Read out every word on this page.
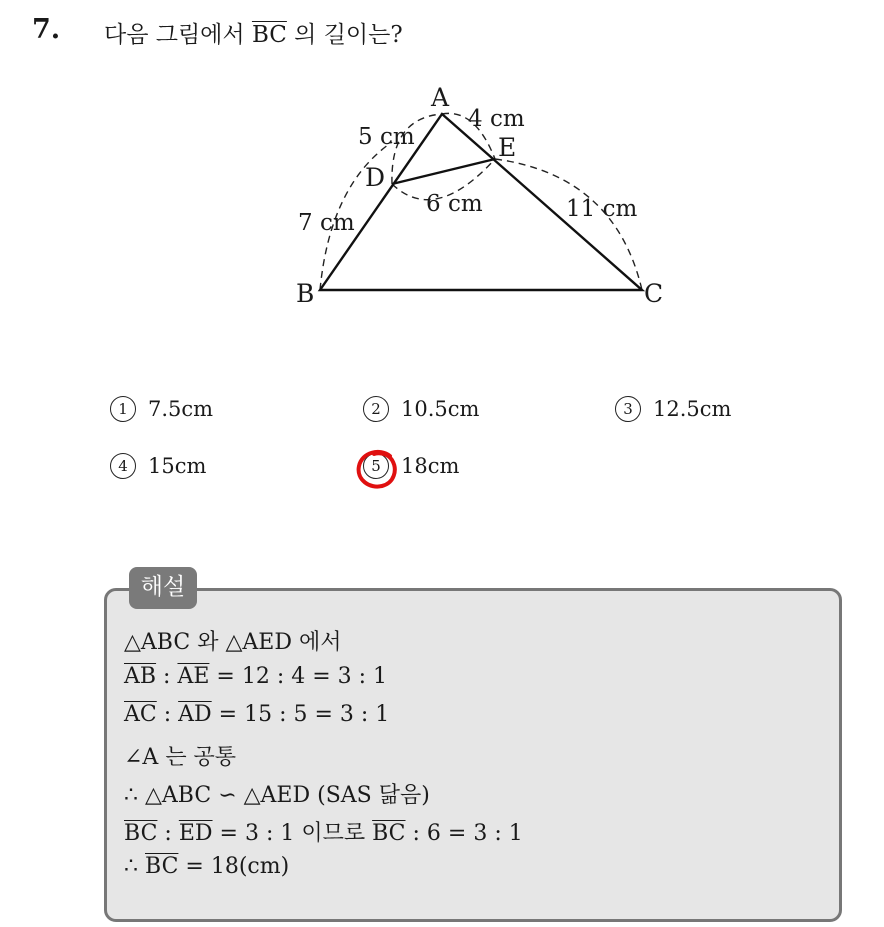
7. 다음 그림에서 $\overline{BC}$ 의 길이는?
A
B	C
D
E
5 cm
4 cm
7 cm
6 cm	11 cm
1 7.5cm	2 10.5cm	3 12.5cm
4 15cm	5 18cm
해설
△ABC 와 △AED 에서
$\overline{AB}$ : $\overline{AE} = 12$ : 4 = 3 : 1
$\overline{AC}$ : $\overline{AD} = 15$ : 5 = 3 : 1
∠A 는 공통
∴ △ABC ∽ △AED (SAS 닮음)
$\overline{BC}$ : $\overline{ED} = 3$ : 1 이므로 $\overline{BC}$ : 6 = 3 : 1
∴ $\overline{BC} = 18(cm)$
